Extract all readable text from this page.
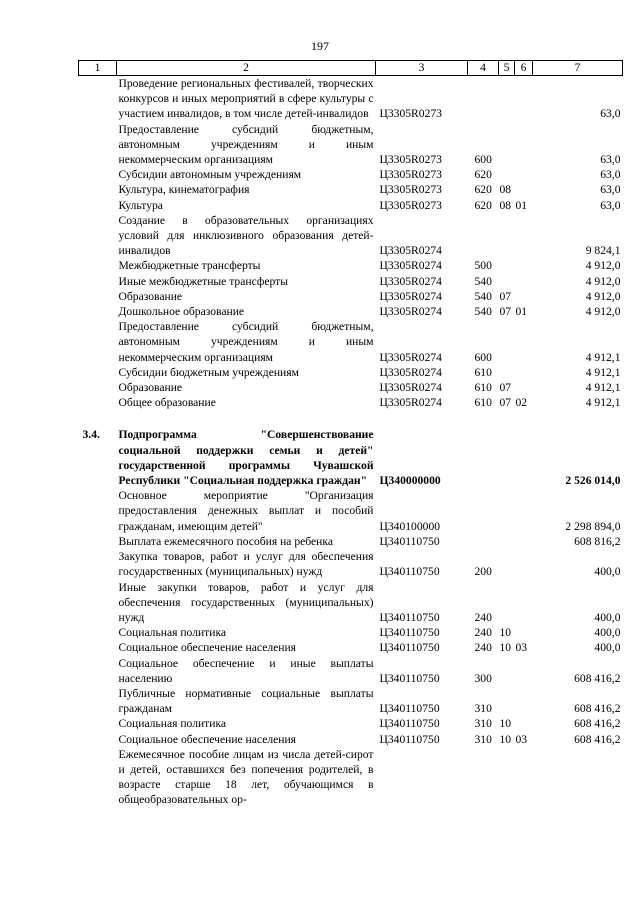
197
1	2	3	4	5	6	7
	Проведение региональных фестивалей, творческих конкурсов и иных мероприятий в сфере культуры с участием инвалидов, в том числе детей-инвалидов	Ц3305R0273				63,0
	Предоставление субсидий бюджетным, автономным учреждениям и иным некоммерческим организациям	Ц3305R0273	600			63,0
	Субсидии автономным учреждениям	Ц3305R0273	620			63,0
	Культура, кинематография	Ц3305R0273	620	08		63,0
	Культура	Ц3305R0273	620	08	01	63,0
	Создание в образовательных организациях условий для инклюзивного образования детей-инвалидов	Ц3305R0274				9 824,1
	Межбюджетные трансферты	Ц3305R0274	500			4 912,0
	Иные межбюджетные трансферты	Ц3305R0274	540			4 912,0
	Образование	Ц3305R0274	540	07		4 912,0
	Дошкольное образование	Ц3305R0274	540	07	01	4 912,0
	Предоставление субсидий бюджетным, автономным учреждениям и иным некоммерческим организациям	Ц3305R0274	600			4 912,1
	Субсидии бюджетным учреждениям	Ц3305R0274	610			4 912,1
	Образование	Ц3305R0274	610	07		4 912,1
	Общее образование	Ц3305R0274	610	07	02	4 912,1

3.4.	Подпрограмма "Совершенствование социальной поддержки семьи и детей" государственной программы Чувашской Республики "Социальная поддержка граждан"	Ц340000000				2 526 014,0
	Основное мероприятие "Организация предоставления денежных выплат и пособий гражданам, имеющим детей"	Ц340100000				2 298 894,0
	Выплата ежемесячного пособия на ребенка	Ц340110750				608 816,2
	Закупка товаров, работ и услуг для обеспечения государственных (муниципальных) нужд	Ц340110750	200			400,0
	Иные закупки товаров, работ и услуг для обеспечения государственных (муниципальных) нужд	Ц340110750	240			400,0
	Социальная политика	Ц340110750	240	10		400,0
	Социальное обеспечение населения	Ц340110750	240	10	03	400,0
	Социальное обеспечение и иные выплаты населению	Ц340110750	300			608 416,2
	Публичные нормативные социальные выплаты гражданам	Ц340110750	310			608 416,2
	Социальная политика	Ц340110750	310	10		608 416,2
	Социальное обеспечение населения	Ц340110750	310	10	03	608 416,2
	Ежемесячное пособие лицам из числа детей-сирот и детей, оставшихся без попечения родителей, в возрасте старше 18 лет, обучающимся в общеобразовательных ор-					
